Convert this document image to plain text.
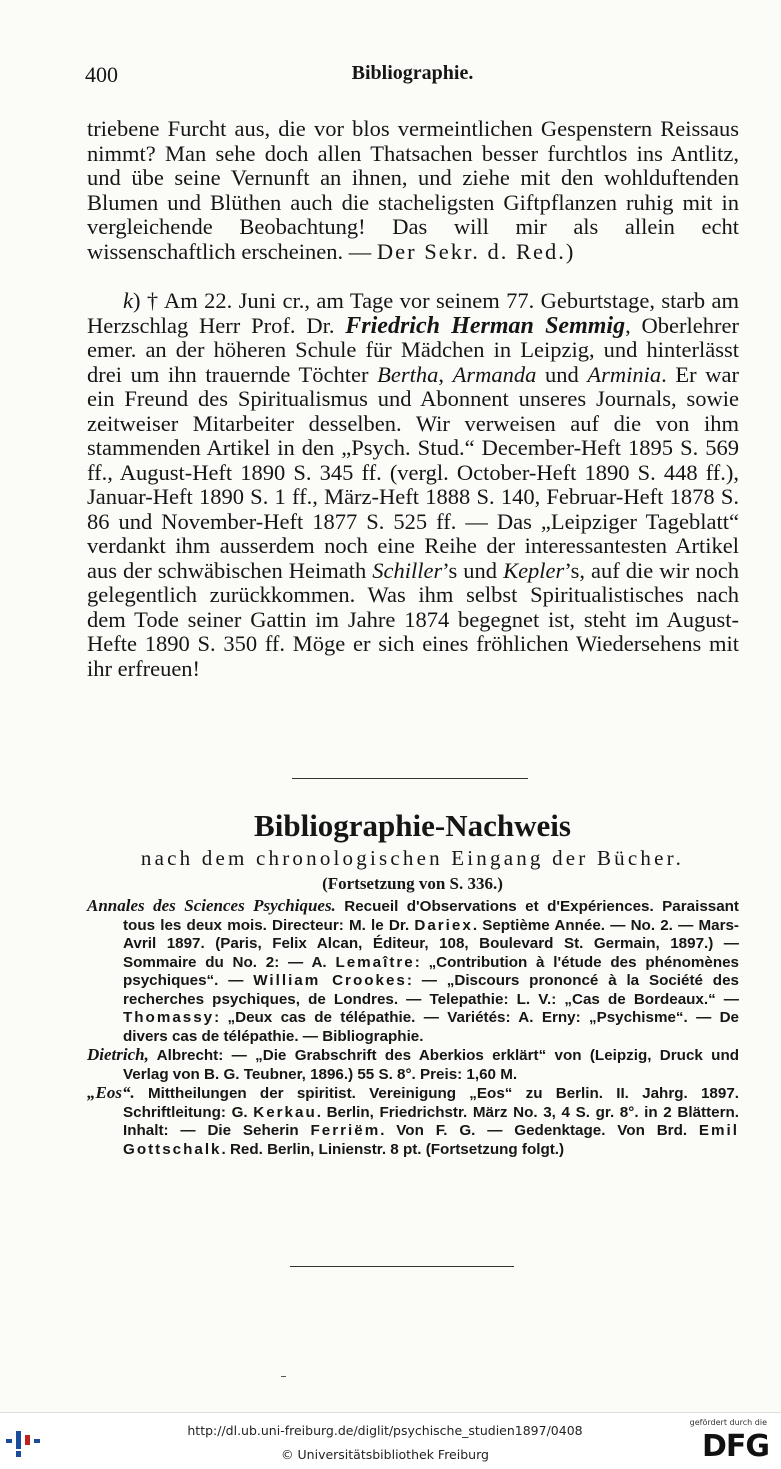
400	Bibliographie.

triebene Furcht aus, die vor blos vermeintlichen Gespenstern Reissaus nimmt? Man sehe doch allen Thatsachen besser furchtlos ins Antlitz, und übe seine Vernunft an ihnen, und ziehe mit den wohlduftenden Blumen und Blüthen auch die stacheligsten Giftpflanzen ruhig mit in vergleichende Beobachtung! Das will mir als allein echt wissenschaftlich erscheinen. — Der Sekr. d. Red.)

k) † Am 22. Juni cr., am Tage vor seinem 77. Geburtstage, starb am Herzschlag Herr Prof. Dr. Friedrich Herman Semmig, Oberlehrer emer. an der höheren Schule für Mädchen in Leipzig, und hinterlässt drei um ihn trauernde Töchter Bertha, Armanda und Arminia. Er war ein Freund des Spiritualismus und Abonnent unseres Journals, sowie zeitweiser Mitarbeiter desselben. Wir verweisen auf die von ihm stammenden Artikel in den „Psych. Stud.“ December-Heft 1895 S. 569 ff., August-Heft 1890 S. 345 ff. (vergl. October-Heft 1890 S. 448 ff.), Januar-Heft 1890 S. 1 ff., März-Heft 1888 S. 140, Februar-Heft 1878 S. 86 und November-Heft 1877 S. 525 ff. — Das „Leipziger Tageblatt“ verdankt ihm ausserdem noch eine Reihe der interessantesten Artikel aus der schwäbischen Heimath Schiller’s und Kepler’s, auf die wir noch gelegentlich zurückkommen. Was ihm selbst Spiritualistisches nach dem Tode seiner Gattin im Jahre 1874 begegnet ist, steht im August-Hefte 1890 S. 350 ff. Möge er sich eines fröhlichen Wiedersehens mit ihr erfreuen!

Bibliographie-Nachweis
nach dem chronologischen Eingang der Bücher.
(Fortsetzung von S. 336.)

Annales des Sciences Psychiques. Recueil d'Observations et d'Expériences. Paraissant tous les deux mois. Directeur: M. le Dr. Dariex. Septième Année. — No. 2. — Mars-Avril 1897. (Paris, Felix Alcan, Éditeur, 108, Boulevard St. Germain, 1897.) — Sommaire du No. 2: — A. Lemaître: „Contribution à l'étude des phénomènes psychiques“. — William Crookes: — „Discours prononcé à la Société des recherches psychiques, de Londres. — Telepathie: L. V.: „Cas de Bordeaux.“ — Thomassy: „Deux cas de télépathie. — Variétés: A. Erny: „Psychisme“. — De divers cas de télépathie. — Bibliographie.

Dietrich, Albrecht: — „Die Grabschrift des Aberkios erklärt“ von (Leipzig, Druck und Verlag von B. G. Teubner, 1896.) 55 S. 8°. Preis: 1,60 M.

„Eos“. Mittheilungen der spiritist. Vereinigung „Eos“ zu Berlin. II. Jahrg. 1897. Schriftleitung: G. Kerkau. Berlin, Friedrichstr. März No. 3, 4 S. gr. 8°. in 2 Blättern. Inhalt: — Die Seherin Ferriëm. Von F. G. — Gedenktage. Von Brd. Emil Gottschalk. Red. Berlin, Linienstr. 8 pt. (Fortsetzung folgt.)

http://dl.ub.uni-freiburg.de/diglit/psychische_studien1897/0408
© Universitätsbibliothek Freiburg
gefördert durch die
DFG
